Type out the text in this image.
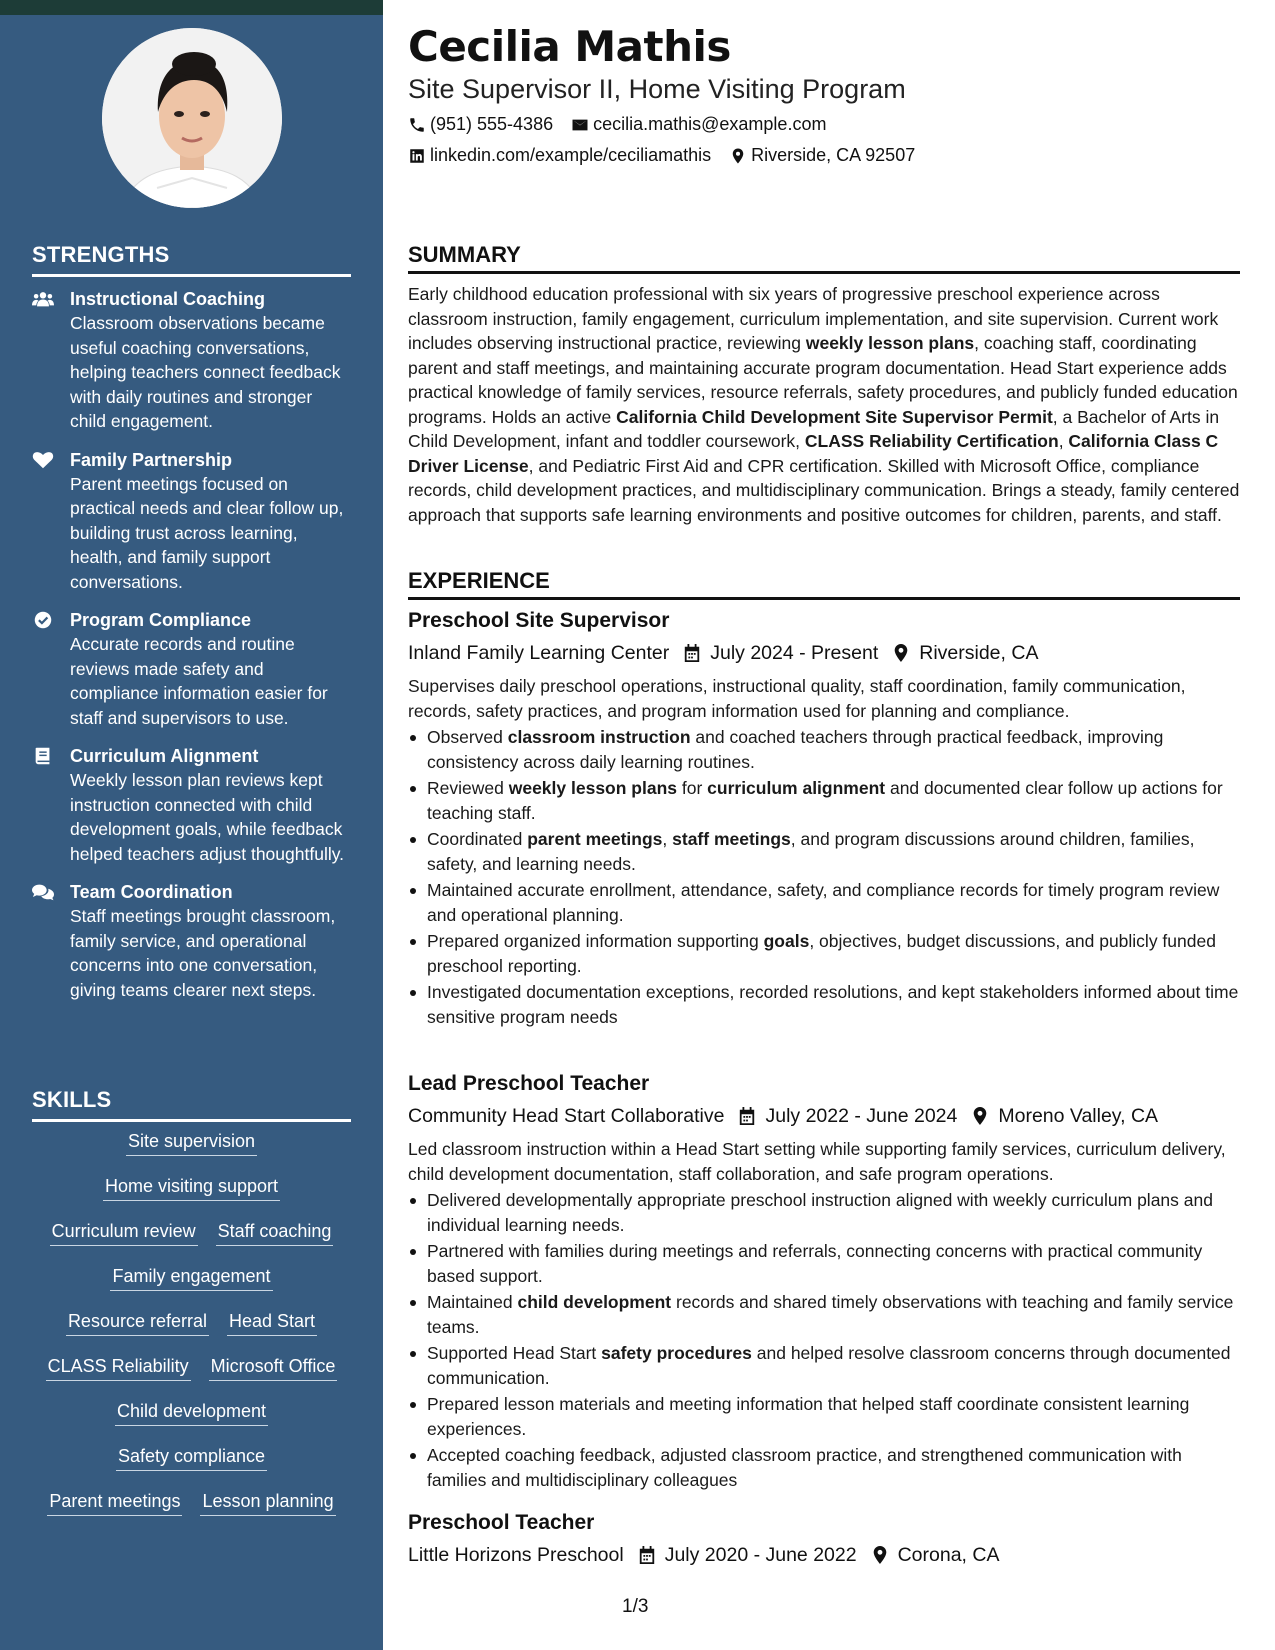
STRENGTHS
Instructional Coaching
Classroom observations became useful coaching conversations, helping teachers connect feedback with daily routines and stronger child engagement.
Family Partnership
Parent meetings focused on practical needs and clear follow up, building trust across learning, health, and family support conversations.
Program Compliance
Accurate records and routine reviews made safety and compliance information easier for staff and supervisors to use.
Curriculum Alignment
Weekly lesson plan reviews kept instruction connected with child development goals, while feedback helped teachers adjust thoughtfully.
Team Coordination
Staff meetings brought classroom, family service, and operational concerns into one conversation, giving teams clearer next steps.
SKILLS
Site supervision
Home visiting support
Curriculum review Staff coaching
Family engagement
Resource referral Head Start
CLASS Reliability Microsoft Office
Child development
Safety compliance
Parent meetings Lesson planning
Cecilia Mathis
Site Supervisor II, Home Visiting Program
(951) 555-4386 cecilia.mathis@example.com
linkedin.com/example/ceciliamathis Riverside, CA 92507
SUMMARY
Early childhood education professional with six years of progressive preschool experience across classroom instruction, family engagement, curriculum implementation, and site supervision. Current work includes observing instructional practice, reviewing weekly lesson plans, coaching staff, coordinating parent and staff meetings, and maintaining accurate program documentation. Head Start experience adds practical knowledge of family services, resource referrals, safety procedures, and publicly funded education programs. Holds an active California Child Development Site Supervisor Permit, a Bachelor of Arts in Child Development, infant and toddler coursework, CLASS Reliability Certification, California Class C Driver License, and Pediatric First Aid and CPR certification. Skilled with Microsoft Office, compliance records, child development practices, and multidisciplinary communication. Brings a steady, family centered approach that supports safe learning environments and positive outcomes for children, parents, and staff.
EXPERIENCE
Preschool Site Supervisor
Inland Family Learning Center July 2024 - Present Riverside, CA
Supervises daily preschool operations, instructional quality, staff coordination, family communication, records, safety practices, and program information used for planning and compliance.
Observed classroom instruction and coached teachers through practical feedback, improving consistency across daily learning routines.
Reviewed weekly lesson plans for curriculum alignment and documented clear follow up actions for teaching staff.
Coordinated parent meetings, staff meetings, and program discussions around children, families, safety, and learning needs.
Maintained accurate enrollment, attendance, safety, and compliance records for timely program review and operational planning.
Prepared organized information supporting goals, objectives, budget discussions, and publicly funded preschool reporting.
Investigated documentation exceptions, recorded resolutions, and kept stakeholders informed about time sensitive program needs
Lead Preschool Teacher
Community Head Start Collaborative July 2022 - June 2024 Moreno Valley, CA
Led classroom instruction within a Head Start setting while supporting family services, curriculum delivery, child development documentation, staff collaboration, and safe program operations.
Delivered developmentally appropriate preschool instruction aligned with weekly curriculum plans and individual learning needs.
Partnered with families during meetings and referrals, connecting concerns with practical community based support.
Maintained child development records and shared timely observations with teaching and family service teams.
Supported Head Start safety procedures and helped resolve classroom concerns through documented communication.
Prepared lesson materials and meeting information that helped staff coordinate consistent learning experiences.
Accepted coaching feedback, adjusted classroom practice, and strengthened communication with families and multidisciplinary colleagues
Preschool Teacher
Little Horizons Preschool July 2020 - June 2022 Corona, CA
1/3
